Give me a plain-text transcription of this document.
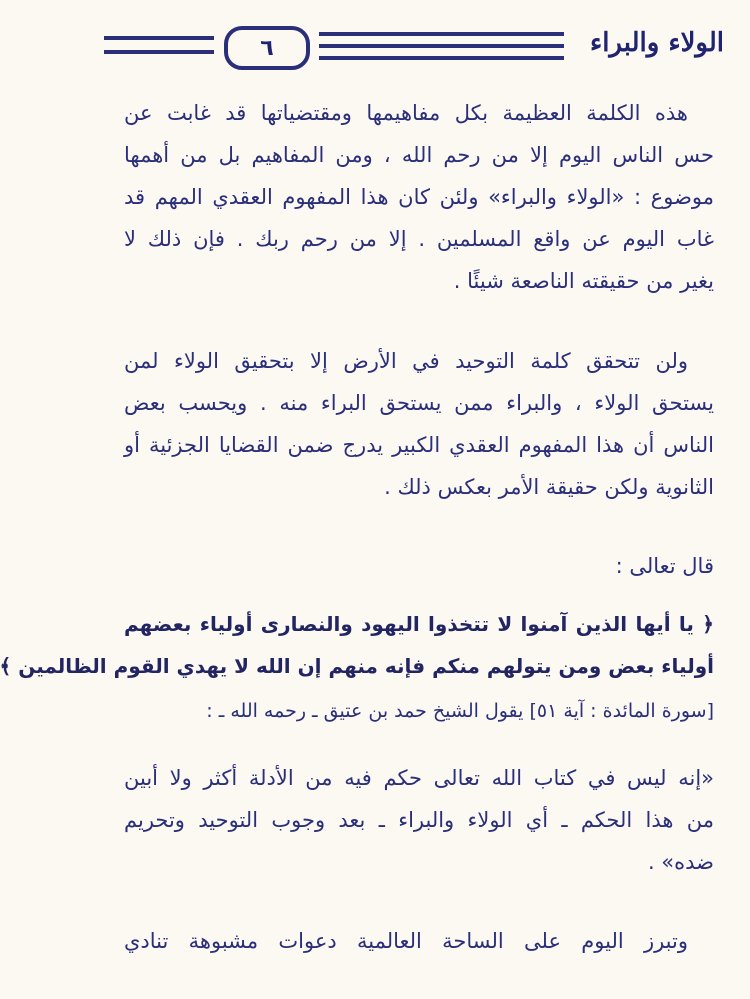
٦	الولاء والبراء
هذه الكلمة العظيمة بكل مفاهيمها ومقتضياتها قد غابت عن
حس الناس اليوم إلا من رحم الله ، ومن المفاهيم بل من أهمها
موضوع : «الولاء والبراء» ولئن كان هذا المفهوم العقدي المهم قد
غاب اليوم عن واقع المسلمين . إلا من رحم ربك . فإن ذلك لا
يغير من حقيقته الناصعة شيئًا .
ولن تتحقق كلمة التوحيد في الأرض إلا بتحقيق الولاء لمن
يستحق الولاء ، والبراء ممن يستحق البراء منه . ويحسب بعض
الناس أن هذا المفهوم العقدي الكبير يدرج ضمن القضايا الجزئية أو
الثانوية ولكن حقيقة الأمر بعكس ذلك .
قال تعالى :
﴿ يا أيها الذين آمنوا لا تتخذوا اليهود والنصارى أولياء بعضهم
أولياء بعض ومن يتولهم منكم فإنه منهم إن الله لا يهدي القوم الظالمين ﴾
[سورة المائدة : آية ٥١] يقول الشيخ حمد بن عتيق ـ رحمه الله ـ :
«إنه ليس في كتاب الله تعالى حكم فيه من الأدلة أكثر ولا أبين
من هذا الحكم ـ أي الولاء والبراء ـ بعد وجوب التوحيد وتحريم
ضده» .
وتبرز اليوم على الساحة العالمية دعوات مشبوهة تنادي
